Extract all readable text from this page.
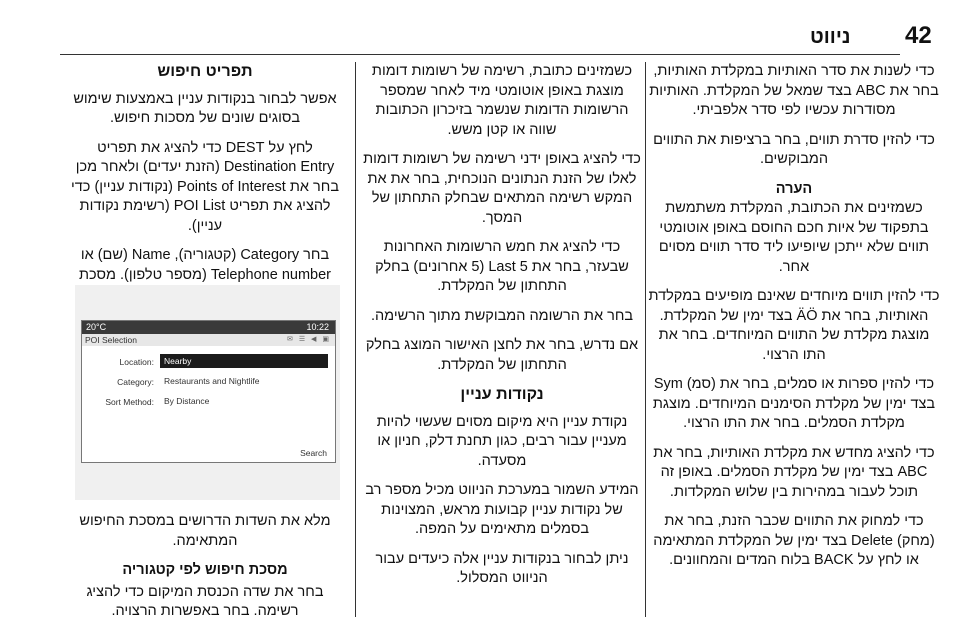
42
ניווט

כדי לשנות את סדר האותיות במקלדת האותיות, בחר את ABC בצד שמאל של המקלדת. האותיות מסודרות עכשיו לפי סדר אלפביתי.

כדי להזין סדרת תווים, בחר ברציפות את התווים המבוקשים.

הערה
כשמזינים את הכתובת, המקלדת משתמשת בתפקוד של איות חכם החוסם באופן אוטומטי תווים שלא ייתכן שיופיעו ליד סדר תווים מסוים אחר.

כדי להזין תווים מיוחדים שאינם מופיעים במקלדת האותיות, בחר את ÄÖ בצד ימין של המקלדת. מוצגת מקלדת של התווים המיוחדים. בחר את התו הרצוי.

כדי להזין ספרות או סמלים, בחר את (סמ) Sym בצד ימין של מקלדת הסימנים המיוחדים. מוצגת מקלדת הסמלים. בחר את התו הרצוי.

כדי להציג מחדש את מקלדת האותיות, בחר את ABC בצד ימין של מקלדת הסמלים. באופן זה תוכל לעבור במהירות בין שלוש המקלדות.

כדי למחוק את התווים שכבר הזנת, בחר את (מחק) Delete בצד ימין של המקלדת המתאימה או לחץ על BACK בלוח המדים והמחוונים.

כשמזינים כתובת, רשימה של רשומות דומות מוצגת באופן אוטומטי מיד לאחר שמספר הרשומות הדומות שנשמר בזיכרון הכתובות שווה או קטן משש.

כדי להציג באופן ידני רשימה של רשומות דומות לאלו של הזנת הנתונים הנוכחית, בחר את את המקש רשימה המתאים שבחלק התחתון של המסך.

כדי להציג את חמש הרשומות האחרונות שבעזר, בחר את Last 5 (5 אחרונים) בחלק התחתון של המקלדת.

בחר את הרשומה המבוקשת מתוך הרשימה.

אם נדרש, בחר את לחצן האישור המוצג בחלק התחתון של המקלדת.

נקודות עניין

נקודת עניין היא מיקום מסוים שעשוי להיות מעניין עבור רבים, כגון תחנת דלק, חניון או מסעדה.

המידע השמור במערכת הניווט מכיל מספר רב של נקודות עניין קבועות מראש, המצוינות בסמלים מתאימים על המפה.

ניתן לבחור בנקודות עניין אלה כיעדים עבור הניווט המסלול.

תפריט חיפוש

אפשר לבחור בנקודות עניין באמצעות שימוש בסוגים שונים של מסכות חיפוש.

לחץ על DEST כדי להציג את תפריט Destination Entry (הזנת יעדים) ולאחר מכן בחר את Points of Interest (נקודות עניין) כדי להציג את תפריט POI List (רשימת נקודות עניין).

בחר Category (קטגוריה), Name (שם) או Telephone number (מספר טלפון). מסכת

20°C	10:22
POI Selection	✉ ☰ ◀ ▣
Location:	Nearby
Category:	Restaurants and Nightlife
Sort Method:	By Distance
Search

מלא את השדות הדרושים במסכת החיפוש המתאימה.

מסכת חיפוש לפי קטגוריה

בחר את שדה הכנסת המיקום כדי להציג רשימה. בחר באפשרות הרצויה.
